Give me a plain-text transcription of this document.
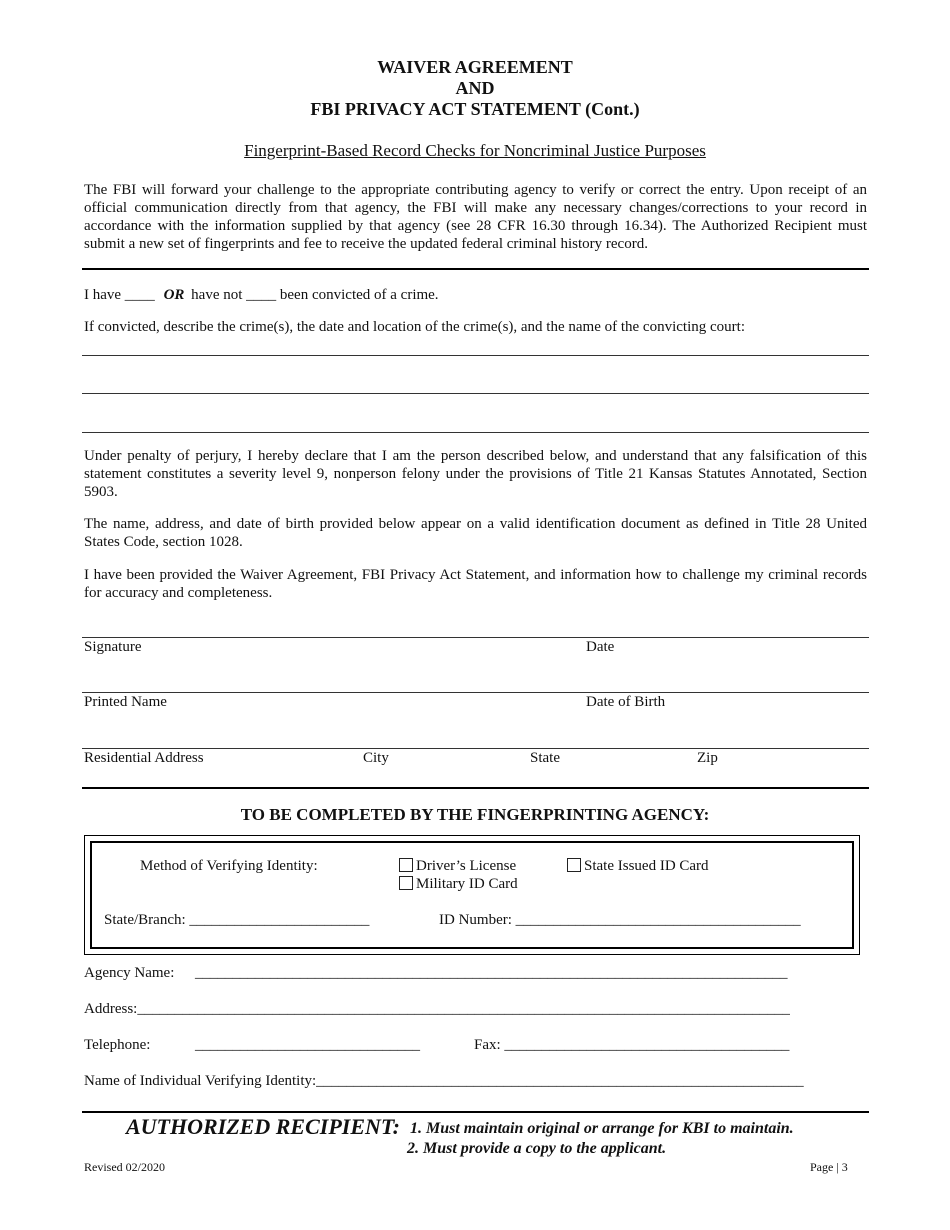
WAIVER AGREEMENT
AND
FBI PRIVACY ACT STATEMENT (Cont.)
Fingerprint-Based Record Checks for Noncriminal Justice Purposes
The FBI will forward your challenge to the appropriate contributing agency to verify or correct the entry. Upon receipt of an official communication directly from that agency, the FBI will make any necessary changes/corrections to your record in accordance with the information supplied by that agency (see 28 CFR 16.30 through 16.34). The Authorized Recipient must submit a new set of fingerprints and fee to receive the updated federal criminal history record.
I have ____ OR have not ____ been convicted of a crime.
If convicted, describe the crime(s), the date and location of the crime(s), and the name of the convicting court:
Under penalty of perjury, I hereby declare that I am the person described below, and understand that any falsification of this statement constitutes a severity level 9, nonperson felony under the provisions of Title 21 Kansas Statutes Annotated, Section 5903.
The name, address, and date of birth provided below appear on a valid identification document as defined in Title 28 United States Code, section 1028.
I have been provided the Waiver Agreement, FBI Privacy Act Statement, and information how to challenge my criminal records for accuracy and completeness.
Signature	Date
Printed Name	Date of Birth
Residential Address	City	State	Zip
TO BE COMPLETED BY THE FINGERPRINTING AGENCY:
Method of Verifying Identity:	Driver’s License	State Issued ID Card
Military ID Card
State/Branch: ________________________	ID Number: ______________________________________
Agency Name: _______________________________________________________________________________
Address:_______________________________________________________________________________________
Telephone:	______________________________	Fax: ______________________________________
Name of Individual Verifying Identity:_________________________________________________________________
AUTHORIZED RECIPIENT: 1. Must maintain original or arrange for KBI to maintain.
2. Must provide a copy to the applicant.
Revised 02/2020	Page | 3
